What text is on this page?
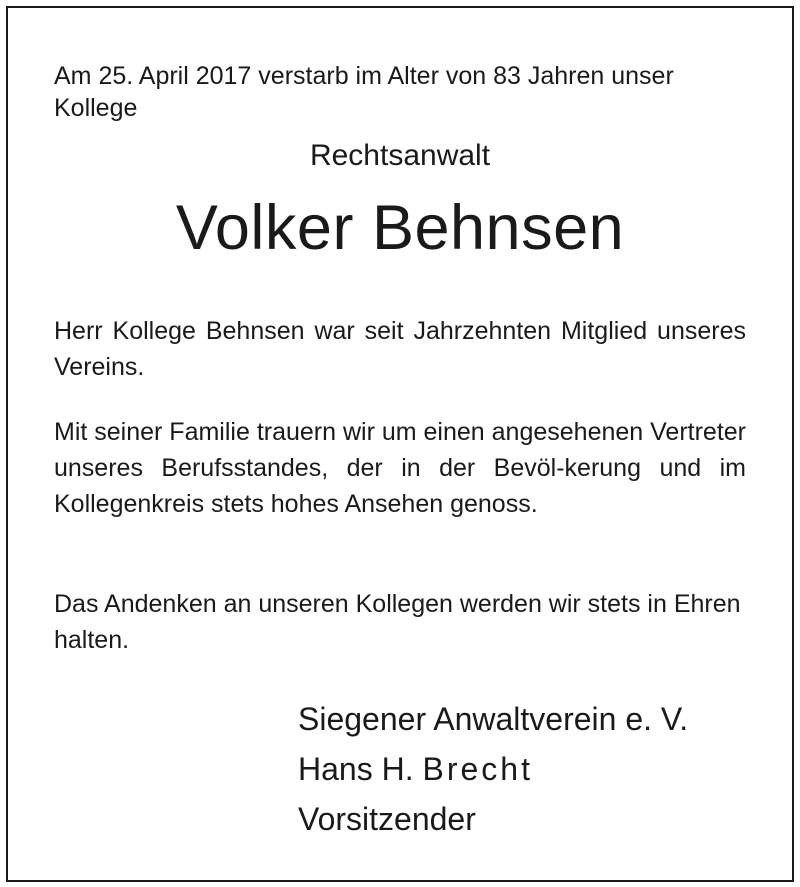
Am 25. April 2017 verstarb im Alter von 83 Jahren unser Kollege

Rechtsanwalt

Volker Behnsen

Herr Kollege Behnsen war seit Jahrzehnten Mitglied unseres Vereins.

Mit seiner Familie trauern wir um einen angesehenen Vertreter unseres Berufsstandes, der in der Bevöl-kerung und im Kollegenkreis stets hohes Ansehen genoss.

Das Andenken an unseren Kollegen werden wir stets in Ehren halten.

Siegener Anwaltverein e. V.
Hans H. Brecht
Vorsitzender
